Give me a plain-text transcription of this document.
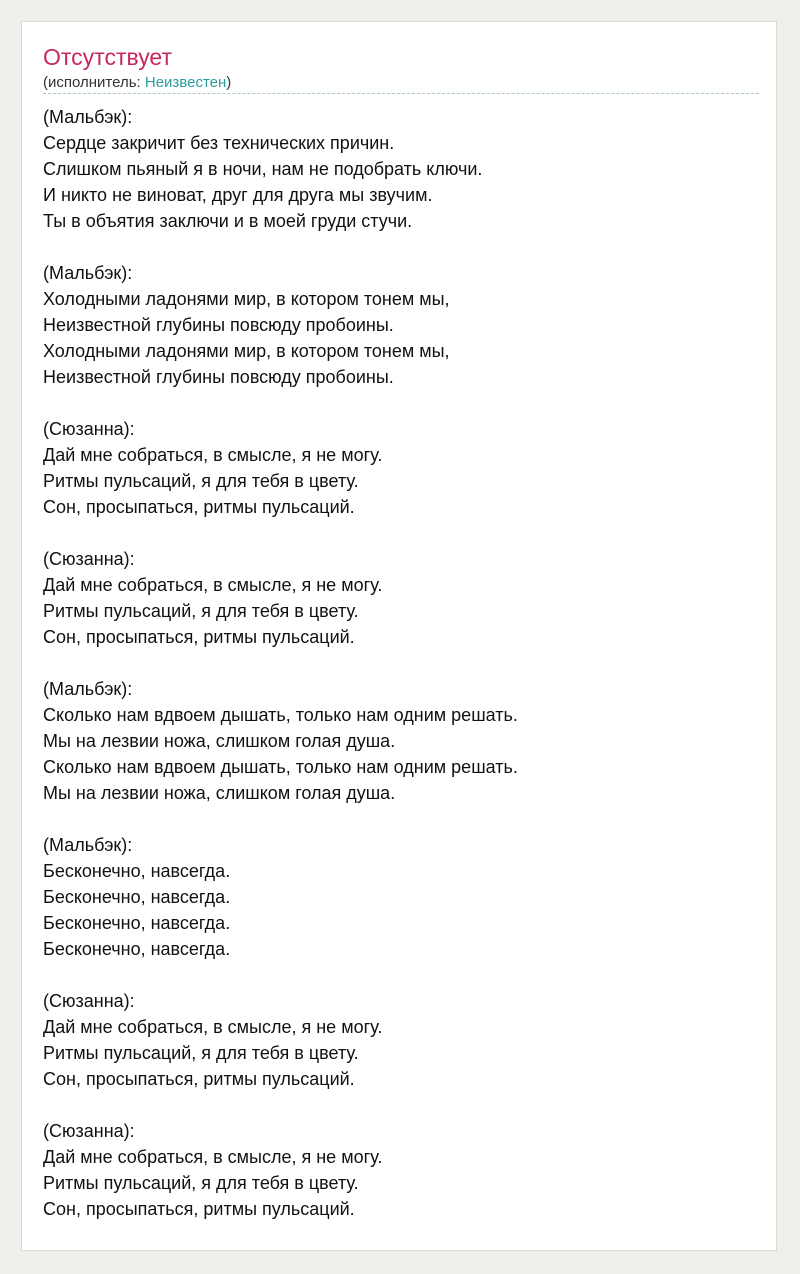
Отсутствует
(исполнитель: Неизвестен)
(Мальбэк):
Сердце закричит без технических причин.
Слишком пьяный я в ночи, нам не подобрать ключи.
И никто не виноват, друг для друга мы звучим.
Ты в объятия заключи и в моей груди стучи.
(Мальбэк):
Холодными ладонями мир, в котором тонем мы,
Неизвестной глубины повсюду пробоины.
Холодными ладонями мир, в котором тонем мы,
Неизвестной глубины повсюду пробоины.
(Сюзанна):
Дай мне собраться, в смысле, я не могу.
Ритмы пульсаций, я для тебя в цвету.
Сон, просыпаться, ритмы пульсаций.
(Сюзанна):
Дай мне собраться, в смысле, я не могу.
Ритмы пульсаций, я для тебя в цвету.
Сон, просыпаться, ритмы пульсаций.
(Мальбэк):
Сколько нам вдвоем дышать, только нам одним решать.
Мы на лезвии ножа, слишком голая душа.
Сколько нам вдвоем дышать, только нам одним решать.
Мы на лезвии ножа, слишком голая душа.
(Мальбэк):
Бесконечно, навсегда.
Бесконечно, навсегда.
Бесконечно, навсегда.
Бесконечно, навсегда.
(Сюзанна):
Дай мне собраться, в смысле, я не могу.
Ритмы пульсаций, я для тебя в цвету.
Сон, просыпаться, ритмы пульсаций.
(Сюзанна):
Дай мне собраться, в смысле, я не могу.
Ритмы пульсаций, я для тебя в цвету.
Сон, просыпаться, ритмы пульсаций.
